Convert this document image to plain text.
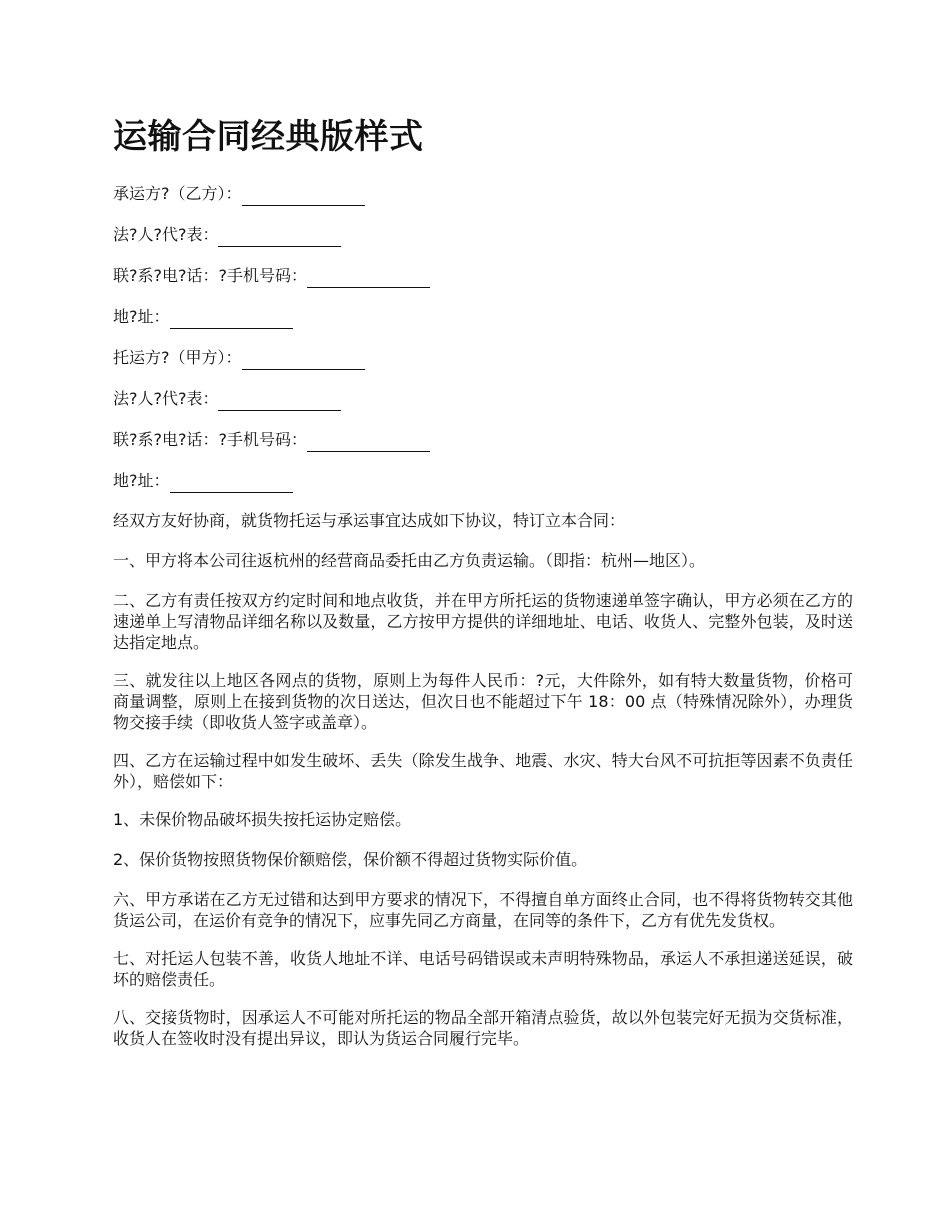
运输合同经典版样式
承运方?（乙方）：
法?人?代?表：
联?系?电?话：?手机号码：
地?址：
托运方?（甲方）：
法?人?代?表：
联?系?电?话：?手机号码：
地?址：

经双方友好协商，就货物托运与承运事宜达成如下协议，特订立本合同：

一、甲方将本公司往返杭州的经营商品委托由乙方负责运输。（即指：杭州—地区）。

二、乙方有责任按双方约定时间和地点收货，并在甲方所托运的货物速递单签字确认，甲方必须在乙方的速递单上写清物品详细名称以及数量，乙方按甲方提供的详细地址、电话、收货人、完整外包装，及时送达指定地点。

三、就发往以上地区各网点的货物，原则上为每件人民币：?元，大件除外，如有特大数量货物，价格可商量调整，原则上在接到货物的次日送达，但次日也不能超过下午 18：00 点（特殊情况除外），办理货物交接手续（即收货人签字或盖章）。

四、乙方在运输过程中如发生破坏、丢失（除发生战争、地震、水灾、特大台风不可抗拒等因素不负责任外），赔偿如下：

1、未保价物品破坏损失按托运协定赔偿。

2、保价货物按照货物保价额赔偿，保价额不得超过货物实际价值。

六、甲方承诺在乙方无过错和达到甲方要求的情况下，不得擅自单方面终止合同，也不得将货物转交其他货运公司，在运价有竞争的情况下，应事先同乙方商量，在同等的条件下，乙方有优先发货权。

七、对托运人包装不善，收货人地址不详、电话号码错误或未声明特殊物品，承运人不承担递送延误，破坏的赔偿责任。

八、交接货物时，因承运人不可能对所托运的物品全部开箱清点验货，故以外包装完好无损为交货标准，收货人在签收时没有提出异议，即认为货运合同履行完毕。
